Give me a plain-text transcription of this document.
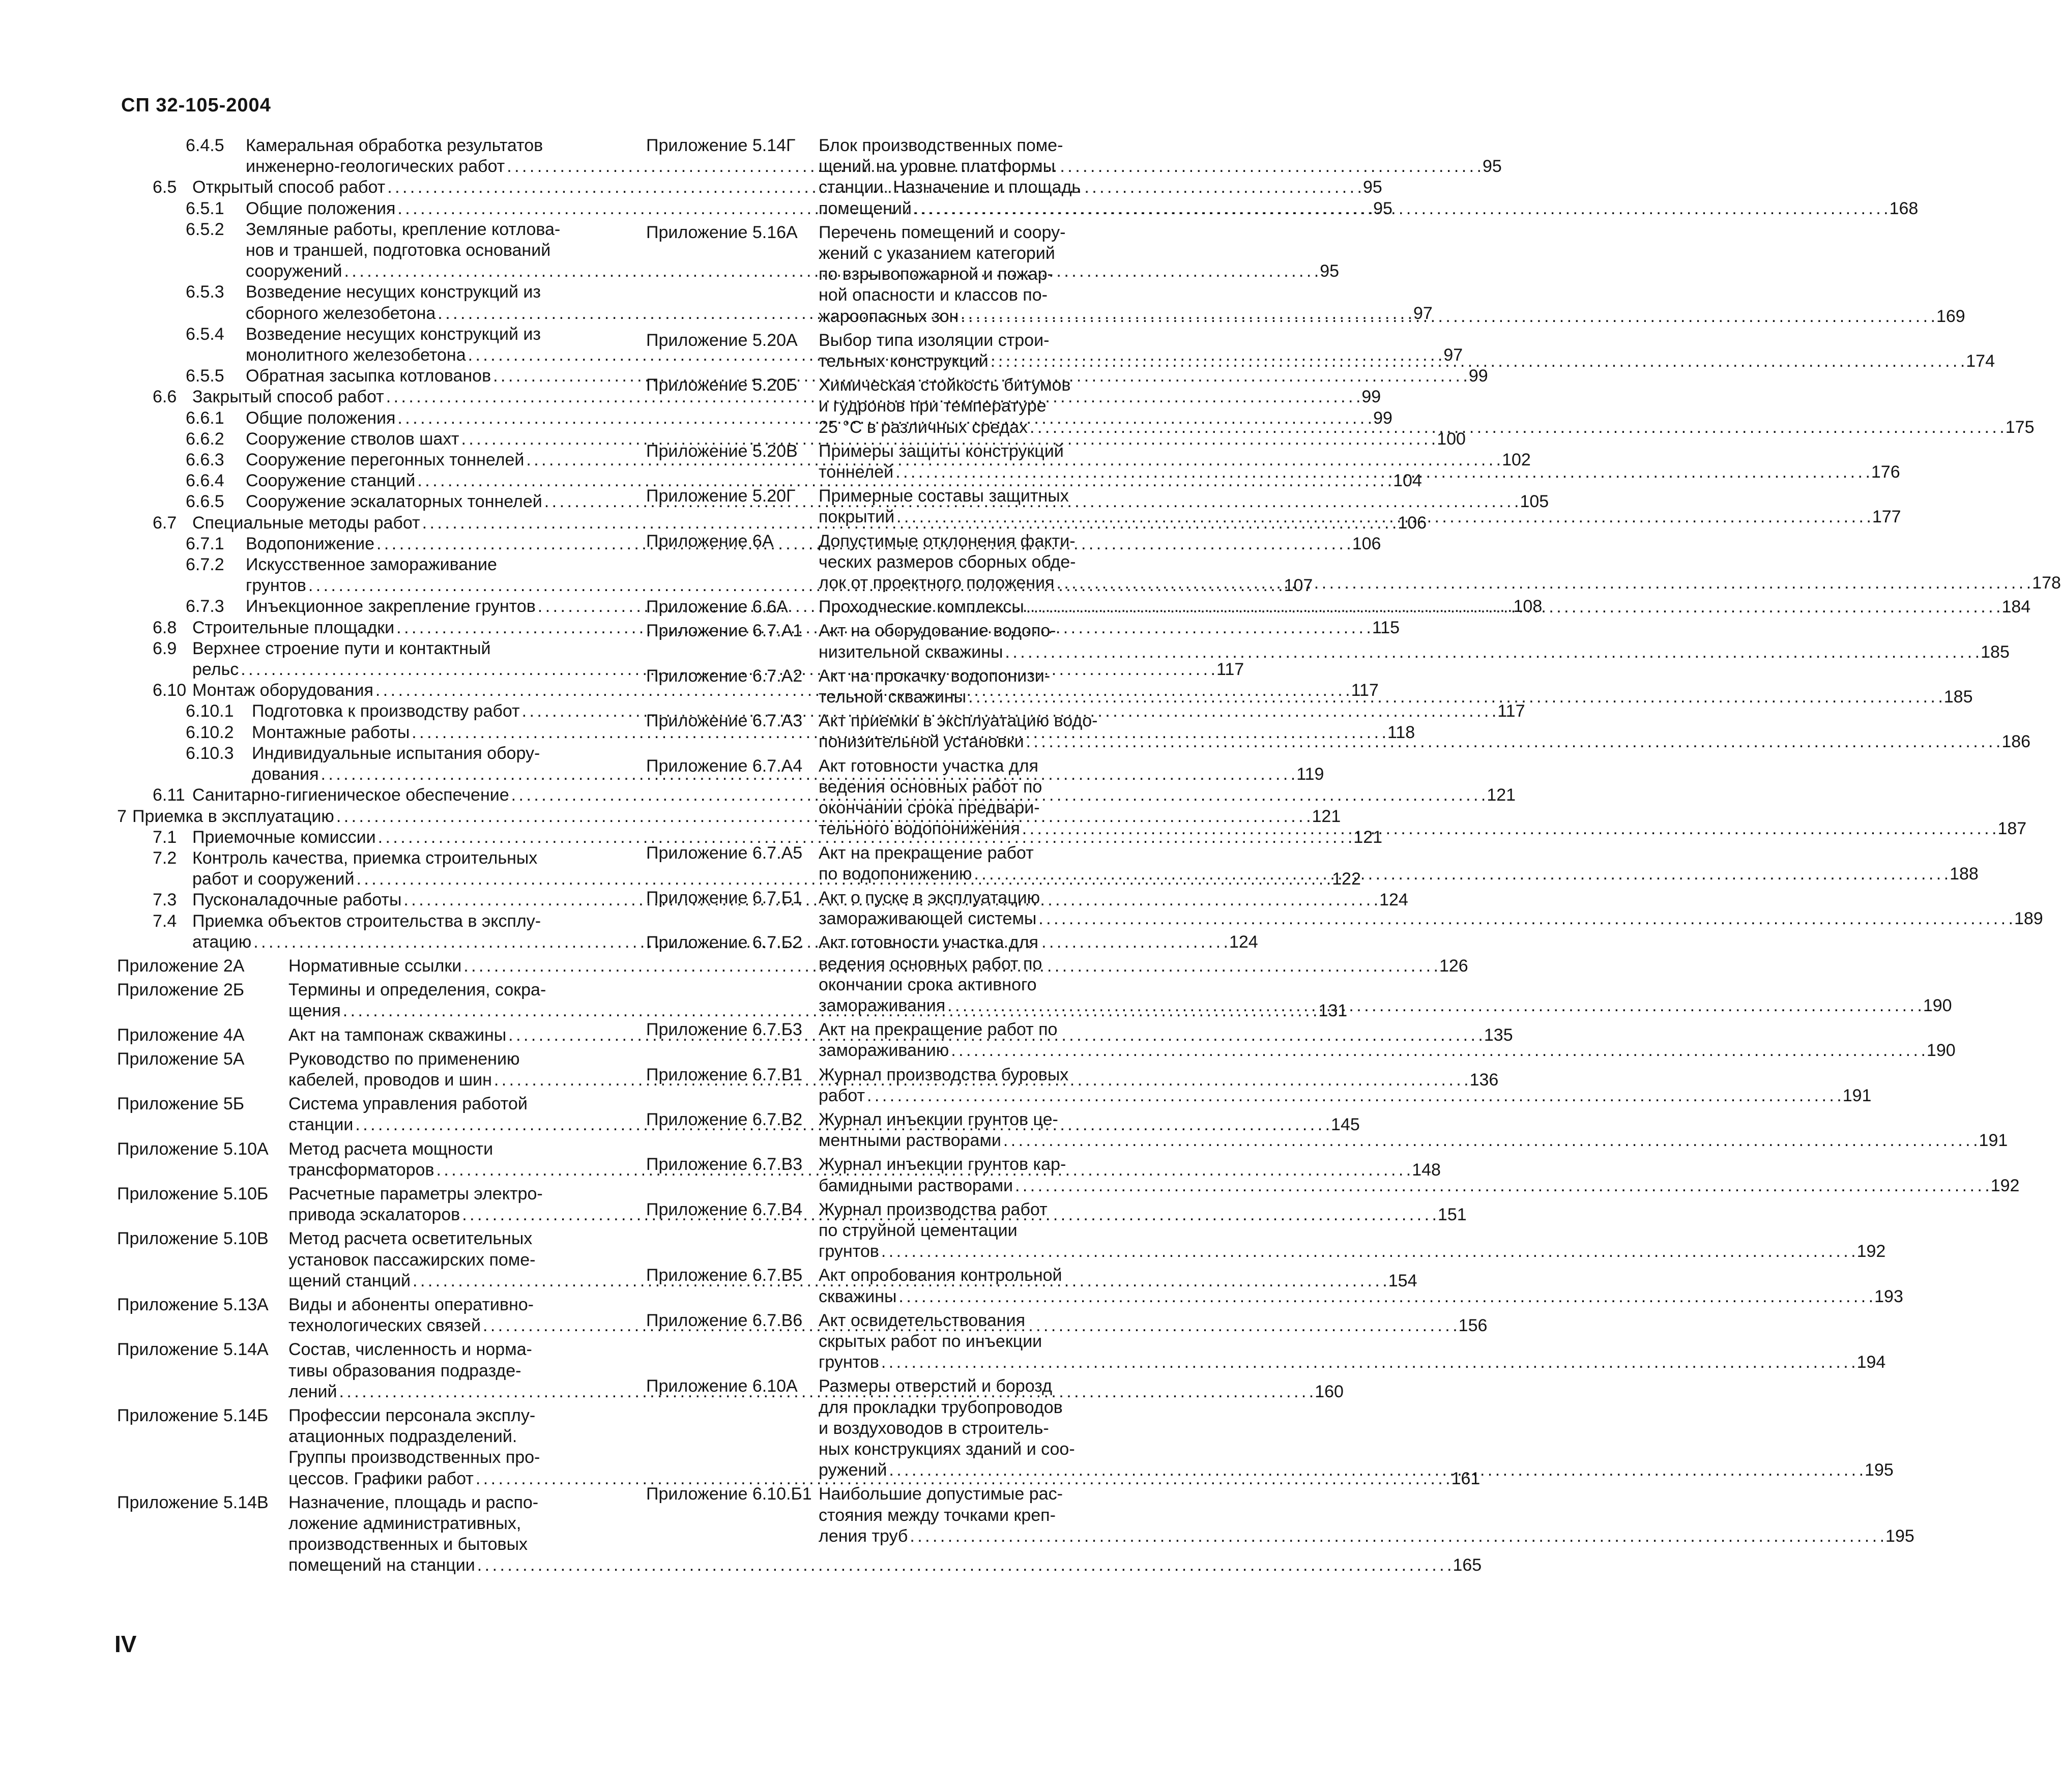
СП 32-105-2004
6.4.5	Камеральная обработка результатов
инженерно-геологических работ . . .	95
6.5 Открытый способ работ . . .	95
6.5.1	Общие положения . . .	95
6.5.2	Земляные работы, крепление котлова-
нов и траншей, подготовка оснований
сооружений . . .	95
6.5.3	Возведение несущих конструкций из
сборного железобетона . . .	97
6.5.4	Возведение несущих конструкций из
монолитного железобетона . . .	97
6.5.5	Обратная засыпка котлованов . . .	99
6.6 Закрытый способ работ . . .	99
6.6.1	Общие положения . . .	99
6.6.2	Сооружение стволов шахт . . .	100
6.6.3	Сооружение перегонных тоннелей . . .	102
6.6.4	Сооружение станций . . .	104
6.6.5	Сооружение эскалаторных тоннелей . . .	105
6.7 Специальные методы работ . . .	106
6.7.1	Водопонижение . . .	106
6.7.2	Искусственное замораживание
грунтов . . .	107
6.7.3	Инъекционное закрепление грунтов . . .	108
6.8 Строительные площадки . . .	115
6.9 Верхнее строение пути и контактный
рельс . . .	117
6.10 Монтаж оборудования . . .	117
6.10.1	Подготовка к производству работ . . .	117
6.10.2	Монтажные работы . . .	118
6.10.3	Индивидуальные испытания обору-
дования . . .	119
6.11 Санитарно-гигиеническое обеспечение . . .	121
7 Приемка в эксплуатацию . . .	121
7.1 Приемочные комиссии . . .	121
7.2 Контроль качества, приемка строительных
работ и сооружений . . .	122
7.3 Пусконаладочные работы . . .	124
7.4 Приемка объектов строительства в эксплу-
атацию . . .	124
Приложение 2А	Нормативные ссылки . . .	126
Приложение 2Б	Термины и определения, сокра-
щения . . .	131
Приложение 4А	Акт на тампонаж скважины . . .	135
Приложение 5А	Руководство по применению
кабелей, проводов и шин . . .	136
Приложение 5Б	Система управления работой
станции . . .	145
Приложение 5.10А	Метод расчета мощности
трансформаторов . . .	148
Приложение 5.10Б	Расчетные параметры электро-
привода эскалаторов . . .	151
Приложение 5.10В	Метод расчета осветительных
установок пассажирских поме-
щений станций . . .	154
Приложение 5.13А	Виды и абоненты оперативно-
технологических связей . . .	156
Приложение 5.14А	Состав, численность и норма-
тивы образования подразде-
лений . . .	160
Приложение 5.14Б	Профессии персонала эксплу-
атационных подразделений.
Группы производственных про-
цессов. Графики работ . . .	161
Приложение 5.14В	Назначение, площадь и распо-
ложение административных,
производственных и бытовых
помещений на станции . . .	165
Приложение 5.14Г	Блок производственных поме-
щений на уровне платформы
станции. Назначение и площадь
помещений . . .	168
Приложение 5.16А	Перечень помещений и соору-
жений с указанием категорий
по взрывопожарной и пожар-
ной опасности и классов по-
жароопасных зон . . .	169
Приложение 5.20А	Выбор типа изоляции строи-
тельных конструкций . . .	174
Приложение 5.20Б	Химическая стойкость битумов
и гудронов при температуре
25 °С в различных средах . . .	175
Приложение 5.20В	Примеры защиты конструкций
тоннелей . . .	176
Приложение 5.20Г	Примерные составы защитных
покрытий . . .	177
Приложение 6А	Допустимые отклонения факти-
ческих размеров сборных обде-
лок от проектного положения . . .	178
Приложение 6.6А	Проходческие комплексы . . .	184
Приложение 6.7.А1 Акт на оборудование водопо-
низительной скважины . . .	185
Приложение 6.7.А2 Акт на прокачку водопонизи-
тельной скважины . . .	185
Приложение 6.7.А3 Акт приемки в эксплуатацию водо-
понизительной установки . . .	186
Приложение 6.7.А4 Акт готовности участка для
ведения основных работ по
окончании срока предвари-
тельного водопонижения . . .	187
Приложение 6.7.А5 Акт на прекращение работ
по водопонижению . . .	188
Приложение 6.7.Б1 Акт о пуске в эксплуатацию
замораживающей системы . . .	189
Приложение 6.7.Б2 Акт готовности участка для
ведения основных работ по
окончании срока активного
замораживания . . .	190
Приложение 6.7.Б3 Акт на прекращение работ по
замораживанию . . .	190
Приложение 6.7.В1 Журнал производства буровых
работ . . .	191
Приложение 6.7.В2 Журнал инъекции грунтов це-
ментными растворами . . .	191
Приложение 6.7.В3 Журнал инъекции грунтов кар-
бамидными растворами . . .	192
Приложение 6.7.В4 Журнал производства работ
по струйной цементации
грунтов . . .	192
Приложение 6.7.В5 Акт опробования контрольной
скважины . . .	193
Приложение 6.7.В6 Акт освидетельствования
скрытых работ по инъекции
грунтов . . .	194
Приложение 6.10А	Размеры отверстий и борозд
для прокладки трубопроводов
и воздуховодов в строитель-
ных конструкциях зданий и соо-
ружений . . .	195
Приложение 6.10.Б1 Наибольшие допустимые рас-
стояния между точками креп-
ления труб . . .	195
IV
